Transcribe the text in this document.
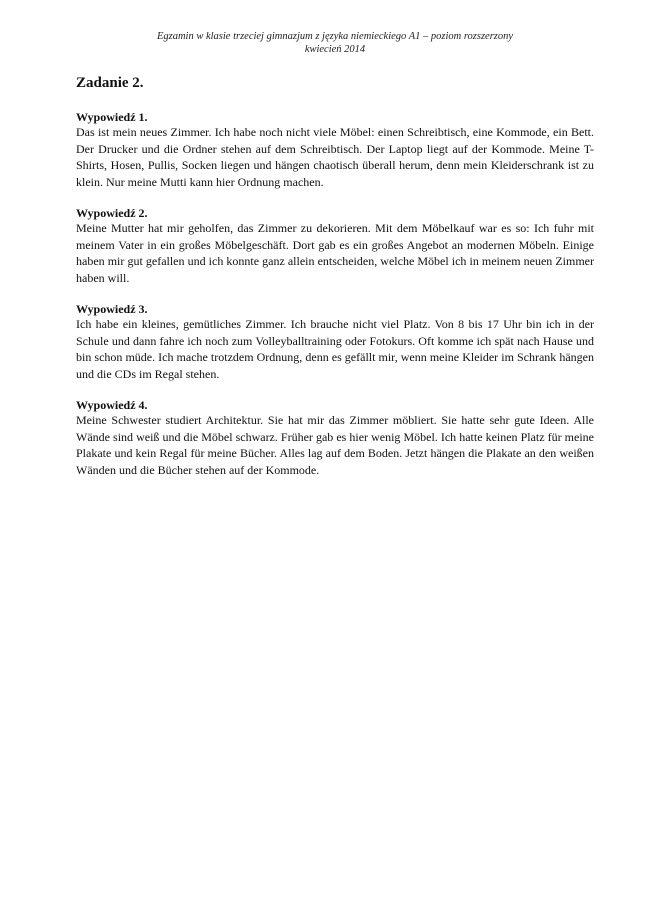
Egzamin w klasie trzeciej gimnazjum z języka niemieckiego A1 – poziom rozszerzony
kwiecień 2014
Zadanie 2.
Wypowiedź 1.

Das ist mein neues Zimmer. Ich habe noch nicht viele Möbel: einen Schreibtisch, eine Kommode, ein Bett. Der Drucker und die Ordner stehen auf dem Schreibtisch. Der Laptop liegt auf der Kommode. Meine T-Shirts, Hosen, Pullis, Socken liegen und hängen chaotisch überall herum, denn mein Kleiderschrank ist zu klein. Nur meine Mutti kann hier Ordnung machen.

Wypowiedź 2.

Meine Mutter hat mir geholfen, das Zimmer zu dekorieren. Mit dem Möbelkauf war es so: Ich fuhr mit meinem Vater in ein großes Möbelgeschäft. Dort gab es ein großes Angebot an modernen Möbeln. Einige haben mir gut gefallen und ich konnte ganz allein entscheiden, welche Möbel ich in meinem neuen Zimmer haben will.

Wypowiedź 3.

Ich habe ein kleines, gemütliches Zimmer. Ich brauche nicht viel Platz. Von 8 bis 17 Uhr bin ich in der Schule und dann fahre ich noch zum Volleyballtraining oder Fotokurs. Oft komme ich spät nach Hause und bin schon müde. Ich mache trotzdem Ordnung, denn es gefällt mir, wenn meine Kleider im Schrank hängen und die CDs im Regal stehen.

Wypowiedź 4.

Meine Schwester studiert Architektur. Sie hat mir das Zimmer möbliert. Sie hatte sehr gute Ideen. Alle Wände sind weiß und die Möbel schwarz. Früher gab es hier wenig Möbel. Ich hatte keinen Platz für meine Plakate und kein Regal für meine Bücher. Alles lag auf dem Boden. Jetzt hängen die Plakate an den weißen Wänden und die Bücher stehen auf der Kommode.
